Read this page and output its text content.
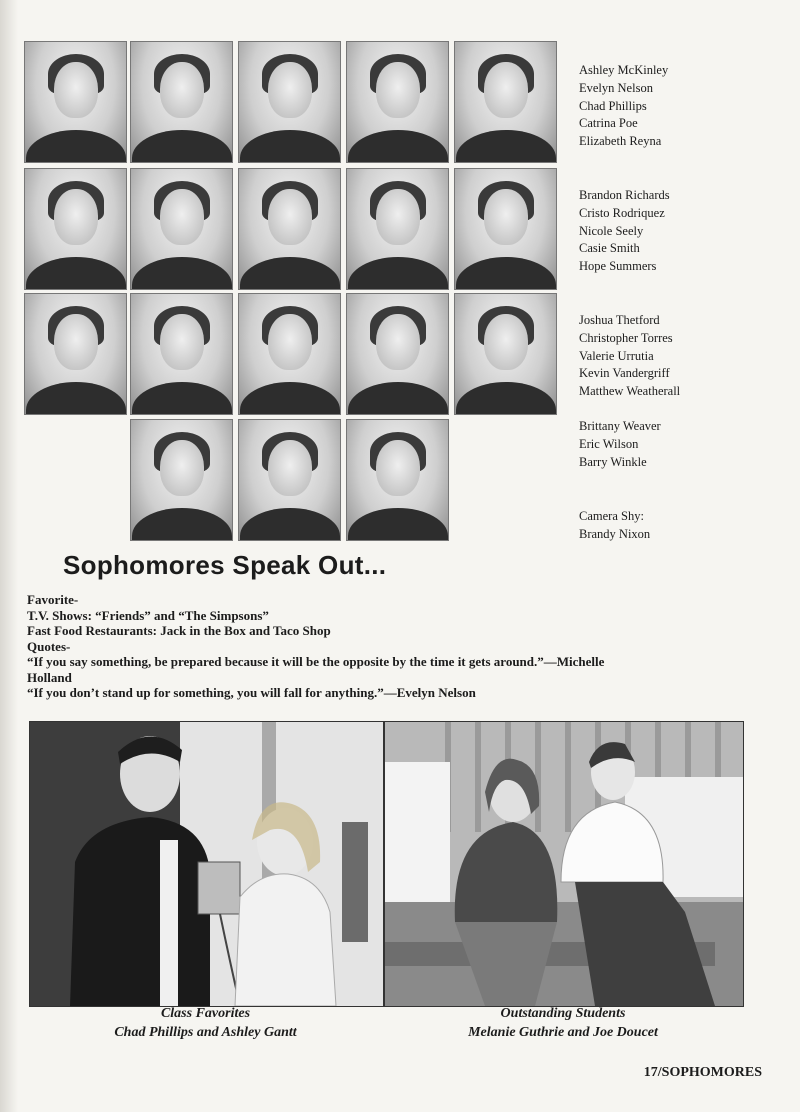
Ashley McKinley
Evelyn Nelson
Chad Phillips
Catrina Poe
Elizabeth Reyna
Brandon Richards
Cristo Rodriquez
Nicole Seely
Casie Smith
Hope Summers
Joshua Thetford
Christopher Torres
Valerie Urrutia
Kevin Vandergriff
Matthew Weatherall
Brittany Weaver
Eric Wilson
Barry Winkle
Camera Shy:
Brandy Nixon
Sophomores Speak Out...
Favorite-
T.V. Shows: “Friends” and “The Simpsons”
Fast Food Restaurants: Jack in the Box and Taco Shop
Quotes-
“If you say something, be prepared because it will be the opposite by the time it gets around.”—Michelle Holland
“If you don’t stand up for something, you will fall for anything.”—Evelyn Nelson
Class Favorites
Chad Phillips and Ashley Gantt
Outstanding Students
Melanie Guthrie and Joe Doucet
17/SOPHOMORES
